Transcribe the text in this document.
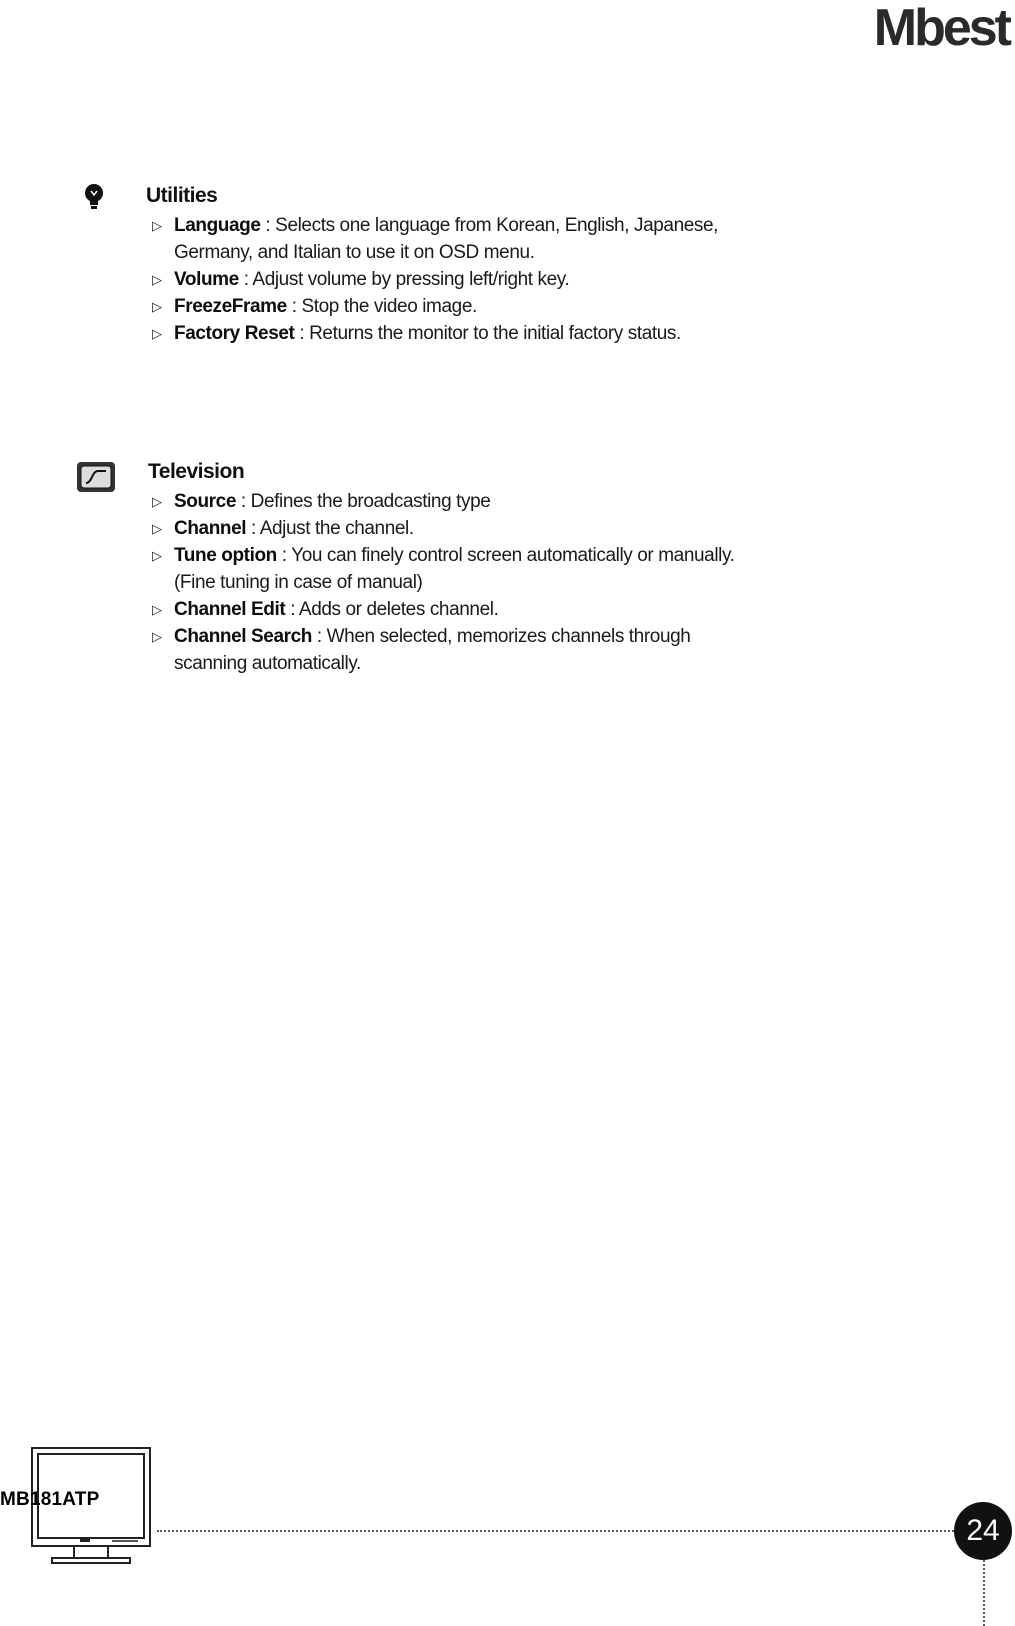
Mbest
Utilities
▷ Language : Selects one language from Korean, English, Japanese,
Germany, and Italian to use it on OSD menu.
▷ Volume : Adjust volume by pressing left/right key.
▷ FreezeFrame : Stop the video image.
▷ Factory Reset : Returns the monitor to the initial factory status.
Television
▷ Source : Defines the broadcasting type
▷ Channel : Adjust the channel.
▷ Tune option : You can finely control screen automatically or manually.
(Fine tuning in case of manual)
▷ Channel Edit : Adds or deletes channel.
▷ Channel Search : When selected, memorizes channels through
scanning automatically.
MB181ATP
24
